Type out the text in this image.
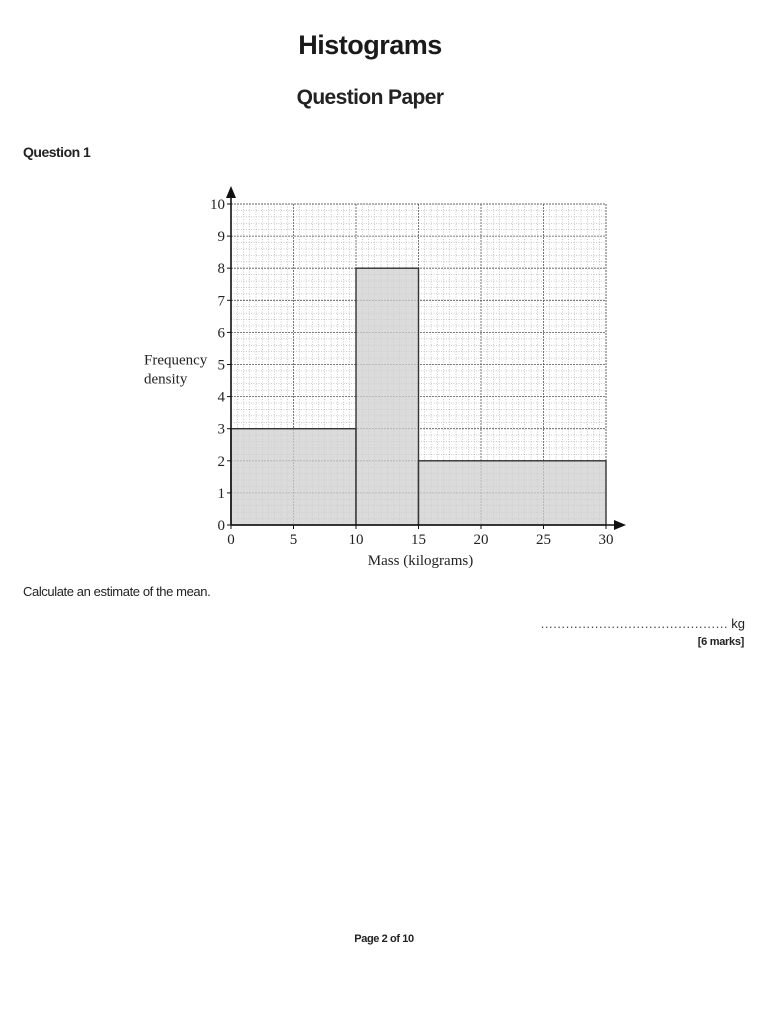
Histograms
Question Paper
Question 1
0	5	10	15	20	25	30
0
1
2
3
4
5
6
7
8
9
10
Mass (kilograms)
Frequency
density
Calculate an estimate of the mean.
……………………………………… kg
[6 marks]
Page 2 of 10
